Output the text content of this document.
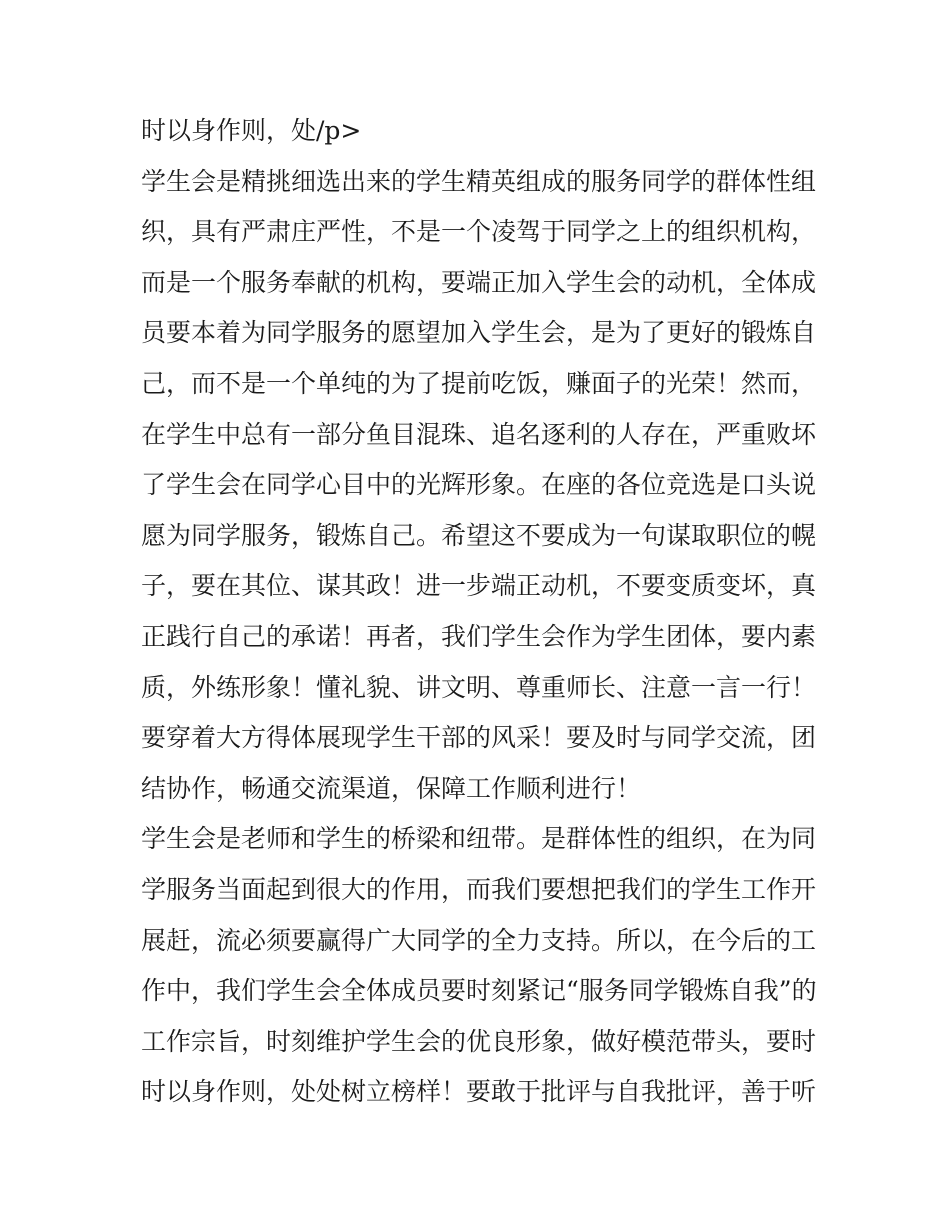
时以身作则，处/p>
学生会是精挑细选出来的学生精英组成的服务同学的群体性组
织，具有严肃庄严性，不是一个凌驾于同学之上的组织机构，
而是一个服务奉献的机构，要端正加入学生会的动机，全体成
员要本着为同学服务的愿望加入学生会，是为了更好的锻炼自
己，而不是一个单纯的为了提前吃饭，赚面子的光荣！然而，
在学生中总有一部分鱼目混珠、追名逐利的人存在，严重败坏
了学生会在同学心目中的光辉形象。在座的各位竞选是口头说
愿为同学服务，锻炼自己。希望这不要成为一句谋取职位的幌
子，要在其位、谋其政！进一步端正动机，不要变质变坏，真
正践行自己的承诺！再者，我们学生会作为学生团体，要内素
质，外练形象！懂礼貌、讲文明、尊重师长、注意一言一行！
要穿着大方得体展现学生干部的风采！要及时与同学交流，团
结协作，畅通交流渠道，保障工作顺利进行！
学生会是老师和学生的桥梁和纽带。是群体性的组织，在为同
学服务当面起到很大的作用，而我们要想把我们的学生工作开
展赶，流必须要赢得广大同学的全力支持。所以，在今后的工
作中，我们学生会全体成员要时刻紧记“服务同学锻炼自我”的
工作宗旨，时刻维护学生会的优良形象，做好模范带头，要时
时以身作则，处处树立榜样！要敢于批评与自我批评，善于听
